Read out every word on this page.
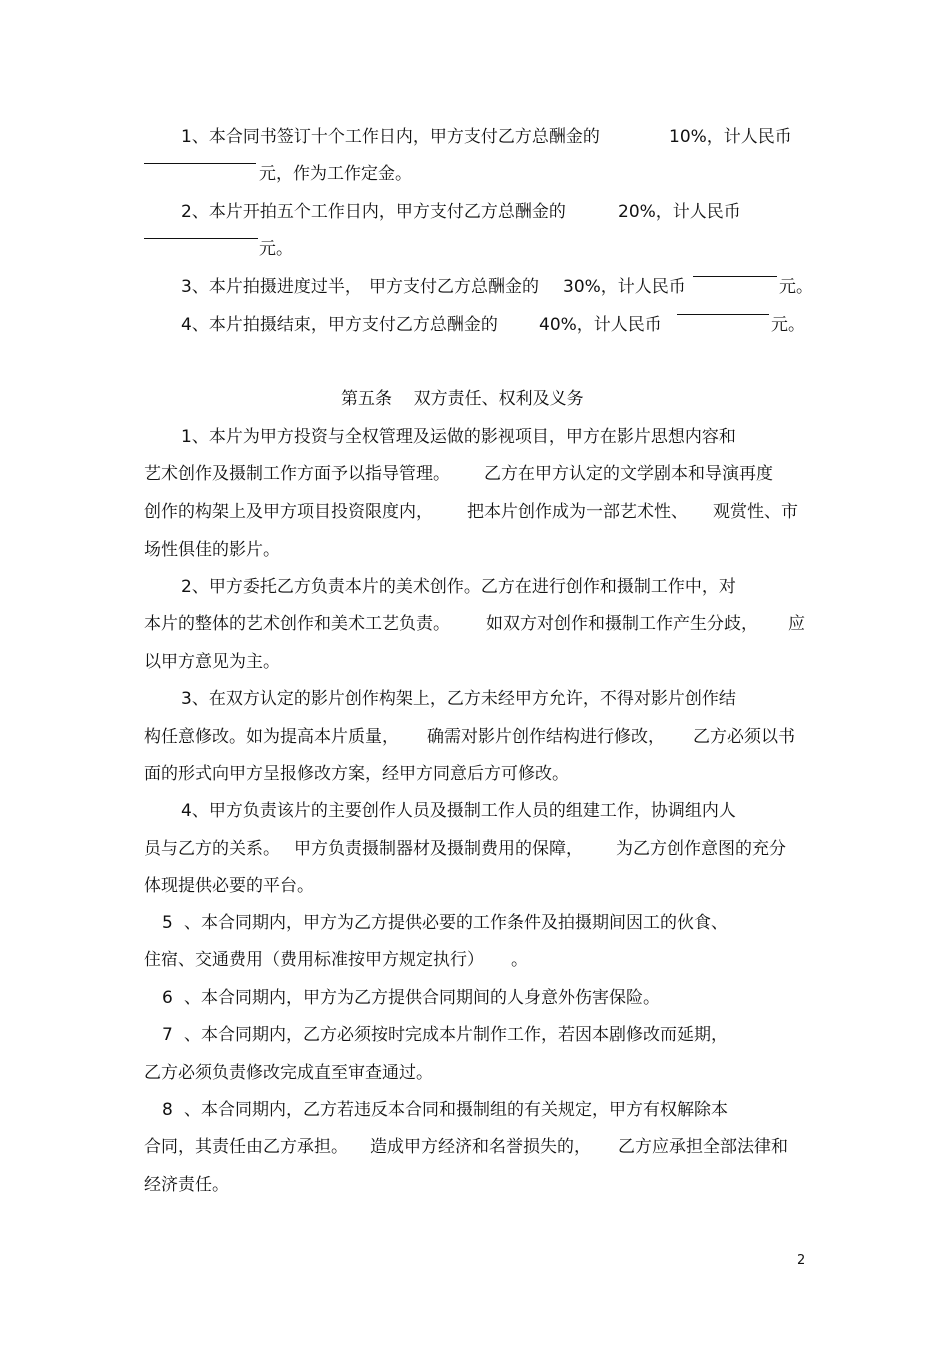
1、本合同书签订十个工作日内，甲方支付乙方总酬金的

	10%，计人民币

元，作为工作定金。

2、本片开拍五个工作日内，甲方支付乙方总酬金的

	20%，计人民币

元。

3、本片拍摄进度过半，

甲方支付乙方总酬金的

30%，计人民币

	元。

4、本片拍摄结束，甲方支付乙方总酬金的

40%，计人民币

	元。

第五条    双方责任、权利及义务

1、本片为甲方投资与全权管理及运做的影视项目，甲方在影片思想内容和

艺术创作及摄制工作方面予以指导管理。

乙方在甲方认定的文学剧本和导演再度

创作的构架上及甲方项目投资限度内，

把本片创作成为一部艺术性、

观赏性、市

场性俱佳的影片。

2、甲方委托乙方负责本片的美术创作。乙方在进行创作和摄制工作中，对

本片的整体的艺术创作和美术工艺负责。

如双方对创作和摄制工作产生分歧，

应

以甲方意见为主。

3、在双方认定的影片创作构架上，乙方未经甲方允许，不得对影片创作结

构任意修改。如为提高本片质量，

确需对影片创作结构进行修改，

乙方必须以书

面的形式向甲方呈报修改方案，经甲方同意后方可修改。

4、甲方负责该片的主要创作人员及摄制工作人员的组建工作，协调组内人

员与乙方的关系。

甲方负责摄制器材及摄制费用的保障，

为乙方创作意图的充分

体现提供必要的平台。

5

、本合同期内，甲方为乙方提供必要的工作条件及拍摄期间因工的伙食、

住宿、交通费用（费用标准按甲方规定执行）

。

6

、本合同期内，甲方为乙方提供合同期间的人身意外伤害保险。

7

、本合同期内，乙方必须按时完成本片制作工作，若因本剧修改而延期，

乙方必须负责修改完成直至审查通过。

8

、本合同期内，乙方若违反本合同和摄制组的有关规定，甲方有权解除本

合同，其责任由乙方承担。

造成甲方经济和名誉损失的，

乙方应承担全部法律和

经济责任。

2
